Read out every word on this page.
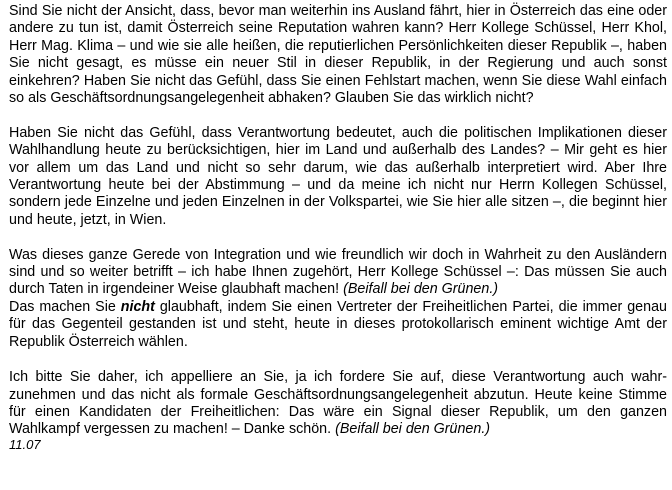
Sind Sie nicht der Ansicht, dass, bevor man weiterhin ins Ausland fährt, hier in Österreich das eine oder andere zu tun ist, damit Österreich seine Reputation wahren kann? Herr Kollege Schüssel, Herr Khol, Herr Mag. Klima – und wie sie alle heißen, die reputierlichen Persönlichkeiten dieser Republik –, haben Sie nicht gesagt, es müsse ein neuer Stil in dieser Republik, in der Regierung und auch sonst einkehren? Haben Sie nicht das Gefühl, dass Sie einen Fehlstart machen, wenn Sie diese Wahl einfach so als Geschäftsordnungsangelegenheit abhaken? Glauben Sie das wirklich nicht?

Haben Sie nicht das Gefühl, dass Verantwortung bedeutet, auch die politischen Implikationen dieser Wahlhandlung heute zu berücksichtigen, hier im Land und außerhalb des Landes? – Mir geht es hier vor allem um das Land und nicht so sehr darum, wie das außerhalb interpretiert wird. Aber Ihre Verantwortung heute bei der Abstimmung – und da meine ich nicht nur Herrn Kollegen Schüssel, sondern jede Einzelne und jeden Einzelnen in der Volkspartei, wie Sie hier alle sitzen –, die beginnt hier und heute, jetzt, in Wien.

Was dieses ganze Gerede von Integration und wie freundlich wir doch in Wahrheit zu den Ausländern sind und so weiter betrifft – ich habe Ihnen zugehört, Herr Kollege Schüssel –: Das müssen Sie auch durch Taten in irgendeiner Weise glaubhaft machen! (Beifall bei den Grünen.)
Das machen Sie nicht glaubhaft, indem Sie einen Vertreter der Freiheitlichen Partei, die immer genau für das Gegenteil gestanden ist und steht, heute in dieses protokollarisch eminent wichtige Amt der Republik Österreich wählen.

Ich bitte Sie daher, ich appelliere an Sie, ja ich fordere Sie auf, diese Verantwortung auch wahrzunehmen und das nicht als formale Geschäftsordnungsangelegenheit abzutun. Heute keine Stimme für einen Kandidaten der Freiheitlichen: Das wäre ein Signal dieser Republik, um den ganzen Wahlkampf vergessen zu machen! – Danke schön. (Beifall bei den Grünen.)
11.07
